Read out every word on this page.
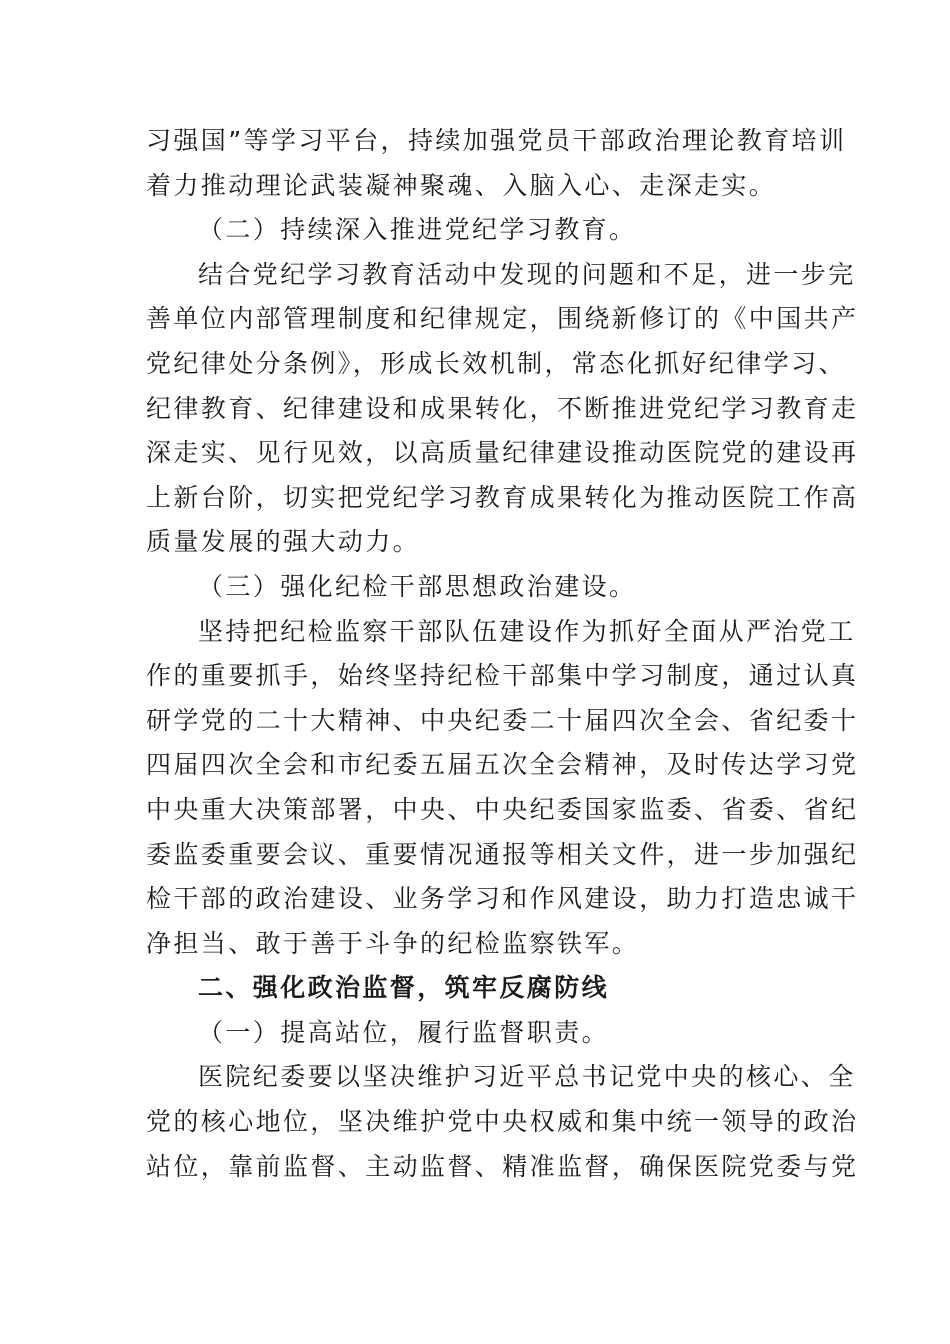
习强国”等学习平台，持续加强党员干部政治理论教育培训
着力推动理论武装凝神聚魂、入脑入心、走深走实。
（二）持续深入推进党纪学习教育。
结合党纪学习教育活动中发现的问题和不足，进一步完
善单位内部管理制度和纪律规定，围绕新修订的《中国共产
党纪律处分条例》，形成长效机制，常态化抓好纪律学习、
纪律教育、纪律建设和成果转化，不断推进党纪学习教育走
深走实、见行见效，以高质量纪律建设推动医院党的建设再
上新台阶，切实把党纪学习教育成果转化为推动医院工作高
质量发展的强大动力。
（三）强化纪检干部思想政治建设。
坚持把纪检监察干部队伍建设作为抓好全面从严治党工
作的重要抓手，始终坚持纪检干部集中学习制度，通过认真
研学党的二十大精神、中央纪委二十届四次全会、省纪委十
四届四次全会和市纪委五届五次全会精神，及时传达学习党
中央重大决策部署，中央、中央纪委国家监委、省委、省纪
委监委重要会议、重要情况通报等相关文件，进一步加强纪
检干部的政治建设、业务学习和作风建设，助力打造忠诚干
净担当、敢于善于斗争的纪检监察铁军。
二、强化政治监督，筑牢反腐防线
（一）提高站位，履行监督职责。
医院纪委要以坚决维护习近平总书记党中央的核心、全
党的核心地位，坚决维护党中央权威和集中统一领导的政治
站位，靠前监督、主动监督、精准监督，确保医院党委与党
